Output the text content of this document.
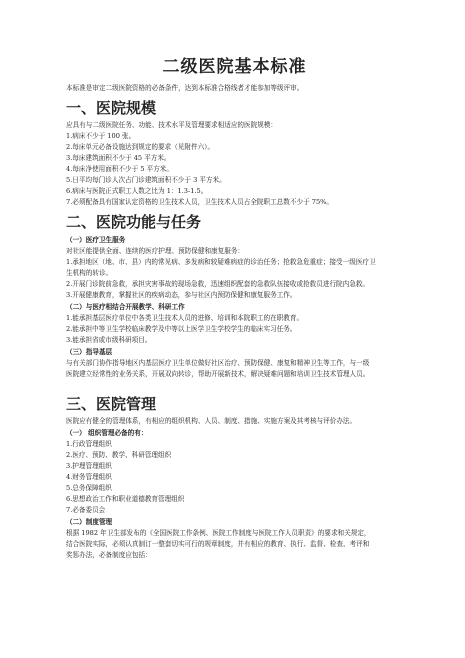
二级医院基本标准
本标准是审定二级医院资格的必备条件，达到本标准合格线者才能参加等级评审。
一、医院规模
应具有与二级医院任务、功能、技术水平及管理要求相适应的医院规模：
1.病床不少于 100 张。
2.每床单元必备设施达到规定的要求（见附件六）。
3.每床建筑面积不少于 45 平方米。
4.每床净使用面积不少于 5 平方米。
5.日平均每门诊人次占门诊建筑面积不少于 3 平方米。
6.病床与医院正式职工人数之比为 1：1.3-1.5。
7.必须配备具有国家认定资格的卫生技术人员，卫生技术人员占全院职工总数不少于 75%。
二、医院功能与任务
（一）医疗卫生服务
对社区能提供全面、连续的医疗护理、预防保健和康复服务：
1.承担地区（地、市、县）内的常见病、多发病和较疑难病症的诊治任务；抢救急危重症；接受一级医疗卫
生机构的转诊。
2.开展门诊院前急救，承担灾害事故的现场急救，迅速组织配套的急救队伍接收或抢救员进行院内急救。
3.开展健康教育，掌握社区的疾病动态，参与社区内预防保健和康复服务工作。
（二）与医疗相结合开展教学、科研工作
1.能承担基层医疗单位中各类卫生技术人员的进修、培训和本院职工的在职教育。
2.能承担中等卫生学校临床教学及中等以上医学卫生学校学生的临床实习任务。
3.能承担省或市级科研项目。
（三）指导基层
与有关部门协作指导地区内基层医疗卫生单位做好社区治疗、预防保健、康复和精神卫生等工作，与一级
医院建立经常性的业务关系，开展双向转诊，帮助开展新技术，解决疑难问题和培训卫生技术管理人员。
三、医院管理
医院应有健全的管理体系，有相应的组织机构、人员、制度、措施、实施方案及其考核与评价办法。
（一） 组织管理必备的有：
1.行政管理组织
2.医疗、预防、教学、科研管理组织
3.护理管理组织
4.财务管理组织
5.总务保障组织
6.思想政治工作和职业道德教育管理组织
7.必备委员会
（二）制度管理
根据 1982 年卫生部发布的《全国医院工作条例、医院工作制度与医院工作人员职责》的要求和关规定，
结合医院实际，必须认真制订一整套切实可行的规章制度，并有相应的教育、执行、监督、检查、考评和
奖惩办法，必备制度应包括：
